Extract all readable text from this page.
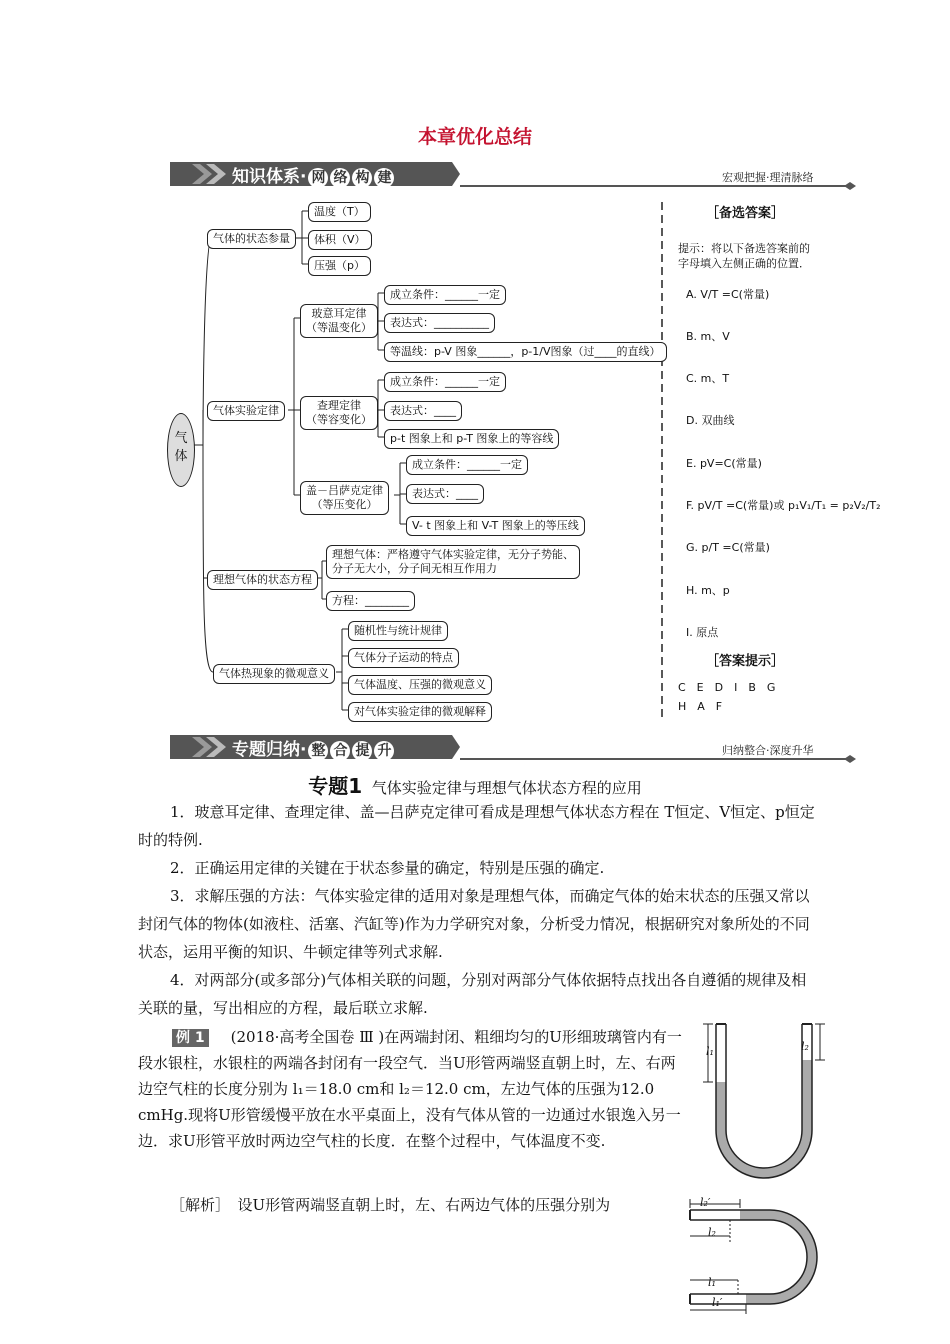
本章优化总结
知识体系· 网 络 构 建	宏观把握·理清脉络
气
体
气体的状态参量
温度（T）
体积（V）
压强（p）
气体实验定律
玻意耳定律
（等温变化）
成立条件：______一定
表达式：__________
等温线：p-V 图象______，p-1/V图象（过____的直线）
查理定律
（等容变化）
成立条件：______一定
表达式：____
p-t 图象上和 p-T 图象上的等容线
盖－吕萨克定律
（等压变化）
成立条件：______一定
表达式：____
V- t 图象上和 V-T 图象上的等压线
理想气体的状态方程
理想气体：严格遵守气体实验定律，无分子势能、
分子无大小，分子间无相互作用力
方程：________
气体热现象的微观意义
随机性与统计规律
气体分子运动的特点
气体温度、压强的微观意义
对气体实验定律的微观解释
［备选答案］
提示：将以下备选答案前的
字母填入左侧正确的位置．
A. V/T =C(常量)
B. m、V
C. m、T
D. 双曲线
E. pV=C(常量)
F. pV/T =C(常量)或 p₁V₁/T₁ = p₂V₂/T₂
G. p/T =C(常量)
H. m、p
I. 原点
［答案提示］
C　E　D　I　B　G
H　A　F
专题归纳· 整 合 提 升	归纳整合·深度升华
专题1 气体实验定律与理想气体状态方程的应用

1．玻意耳定律、查理定律、盖—吕萨克定律可看成是理想气体状态方程在 T恒定、V恒定、p恒定时的特例.

2．正确运用定律的关键在于状态参量的确定，特别是压强的确定.

3．求解压强的方法：气体实验定律的适用对象是理想气体，而确定气体的始末状态的压强又常以封闭气体的物体(如液柱、活塞、汽缸等)作为力学研究对象，分析受力情况，根据研究对象所处的不同状态，运用平衡的知识、牛顿定律等列式求解.

4．对两部分(或多部分)气体相关联的问题，分别对两部分气体依据特点找出各自遵循的规律及相关联的量，写出相应的方程，最后联立求解.

例 1 (2018·高考全国卷 Ⅲ )在两端封闭、粗细均匀的U形细玻璃管内有一段水银柱，水银柱的两端各封闭有一段空气．当U形管两端竖直朝上时，左、右两边空气柱的长度分别为 l₁＝18.0 cm和 l₂＝12.0 cm，左边气体的压强为12.0 cmHg.现将U形管缓慢平放在水平桌面上，没有气体从管的一边通过水银逸入另一边．求U形管平放时两边空气柱的长度．在整个过程中，气体温度不变.
［解析］　设U形管两端竖直朝上时，左、右两边气体的压强分别为
l₁	l₂
l₂′
l₂
l₁
l₁′
